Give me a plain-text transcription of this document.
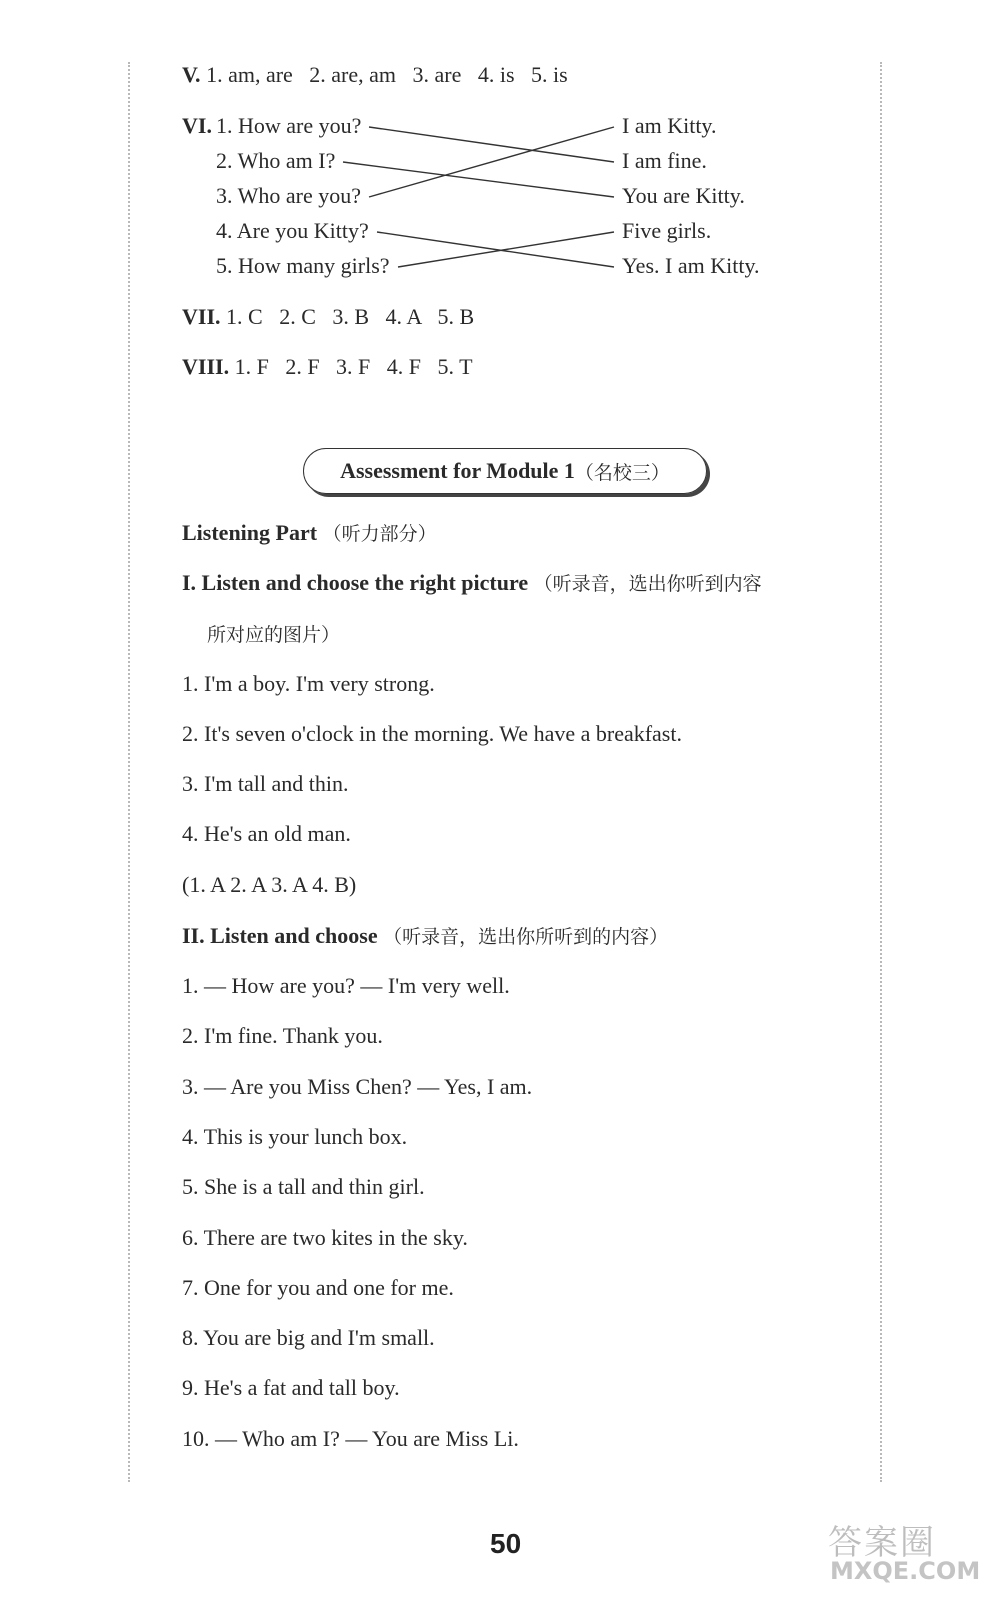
V. 1. am, are   2. are, am   3. are   4. is   5. is
VI. 1. How are you?
2. Who am I?
3. Who are you?
4. Are you Kitty?
5. How many girls?
I am Kitty.
I am fine.
You are Kitty.
Five girls.
Yes. I am Kitty.
VII. 1. C   2. C   3. B   4. A   5. B
VIII. 1. F   2. F   3. F   4. F   5. T
Assessment for Module 1 （名校三）
Listening Part （听力部分）
I. Listen and choose the right picture （听录音，选出你听到内容
所对应的图片）
1. I'm a boy. I'm very strong.
2. It's seven o'clock in the morning. We have a breakfast.
3. I'm tall and thin.
4. He's an old man.
(1. A 2. A 3. A 4. B)
II. Listen and choose （听录音，选出你所听到的内容）
1. — How are you? — I'm very well.
2. I'm fine. Thank you.
3. — Are you Miss Chen? — Yes, I am.
4. This is your lunch box.
5. She is a tall and thin girl.
6. There are two kites in the sky.
7. One for you and one for me.
8. You are big and I'm small.
9. He's a fat and tall boy.
10. — Who am I? — You are Miss Li.
50	答案圈
MXQE.COM
